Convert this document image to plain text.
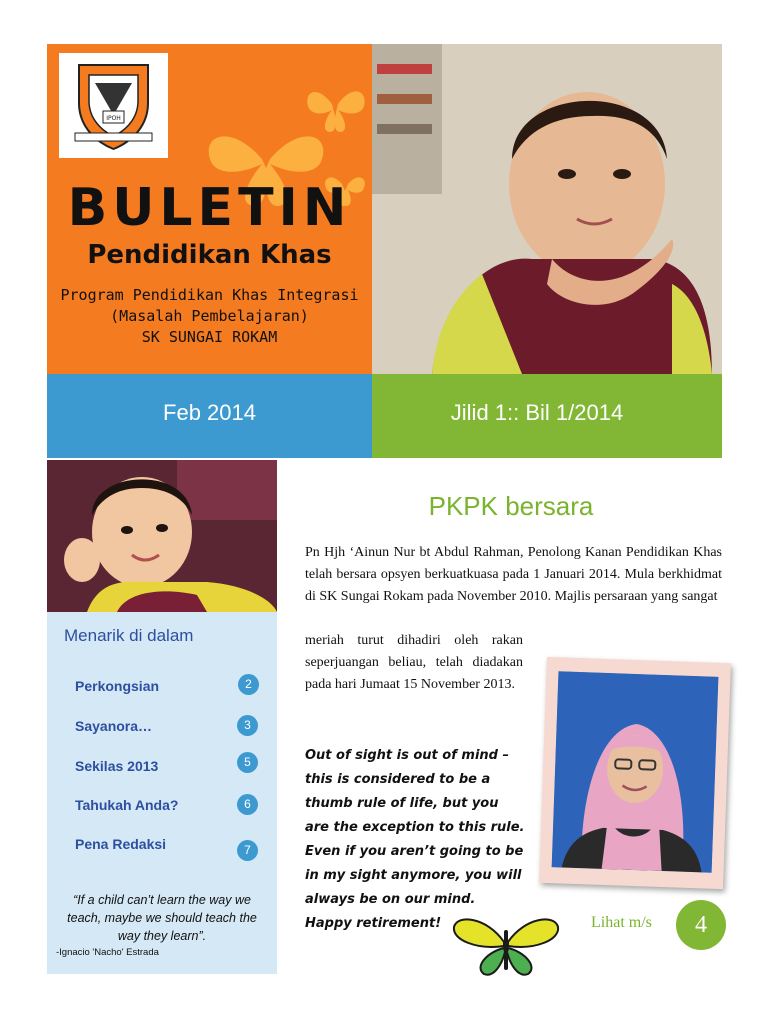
IPOH
BULETIN
Pendidikan Khas
Program Pendidikan Khas Integrasi
(Masalah Pembelajaran)
SK SUNGAI ROKAM
Feb 2014	Jilid 1:: Bil 1/2014
Menarik di dalam
Perkongsian	2
Sayanora…	3
Sekilas 2013	5
Tahukah Anda?	6
Pena Redaksi	7
“If a child can’t learn the way we teach, maybe we should teach the way they learn”.
-Ignacio 'Nacho' Estrada
PKPK bersara
Pn Hjh ‘Ainun Nur bt Abdul Rahman, Penolong Kanan Pendidikan Khas telah bersara opsyen berkuatkuasa pada 1 Januari 2014. Mula berkhidmat di SK Sungai Rokam pada November 2010. Majlis persaraan yang sangat
meriah turut dihadiri oleh rakan seperjuangan beliau, telah diadakan pada hari Jumaat 15 November 2013.
Out of sight is out of mind – this is considered to be a thumb rule of life, but you are the exception to this rule. Even if you aren’t going to be in my sight anymore, you will always be on our mind. Happy retirement!	Lihat m/s	4
